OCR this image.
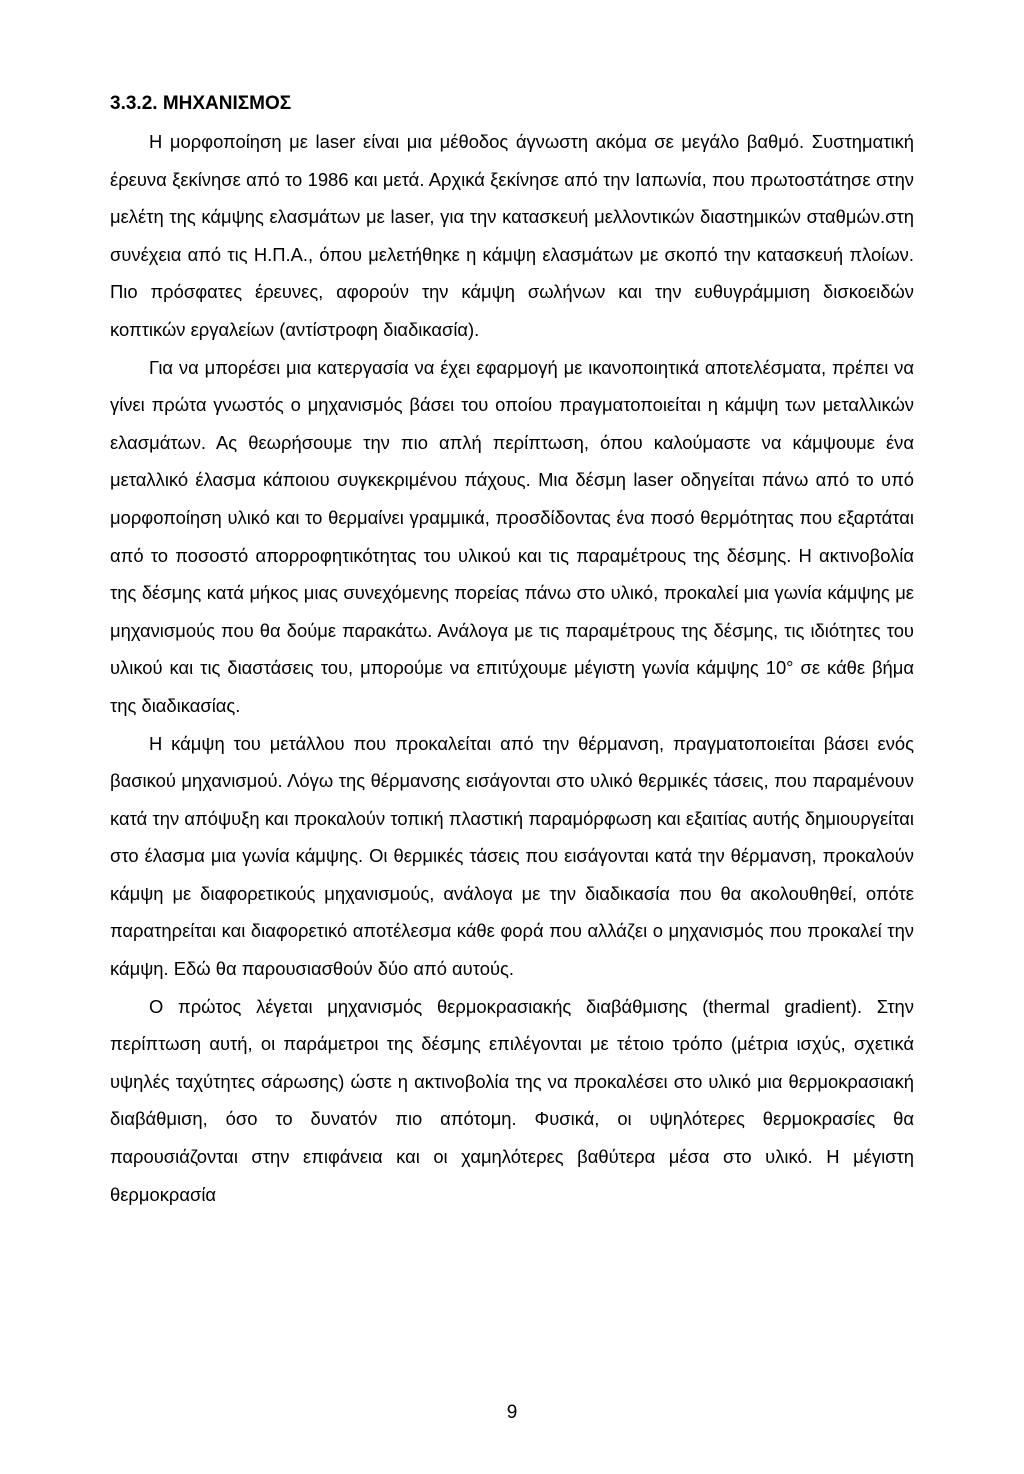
3.3.2. ΜΗΧΑΝΙΣΜΟΣ

Η μορφοποίηση με laser είναι μια μέθοδος άγνωστη ακόμα σε μεγάλο βαθμό. Συστηματική έρευνα ξεκίνησε από το 1986 και μετά. Αρχικά ξεκίνησε από την Ιαπωνία, που πρωτοστάτησε στην μελέτη της κάμψης ελασμάτων με laser, για την κατασκευή μελλοντικών διαστημικών σταθμών.στη συνέχεια από τις Η.Π.Α., όπου μελετήθηκε η κάμψη ελασμάτων με σκοπό την κατασκευή πλοίων. Πιο πρόσφατες έρευνες, αφορούν την κάμψη σωλήνων και την ευθυγράμμιση δισκοειδών κοπτικών εργαλείων (αντίστροφη διαδικασία).

Για να μπορέσει μια κατεργασία να έχει εφαρμογή με ικανοποιητικά αποτελέσματα, πρέπει να γίνει πρώτα γνωστός ο μηχανισμός βάσει του οποίου πραγματοποιείται η κάμψη των μεταλλικών ελασμάτων. Ας θεωρήσουμε την πιο απλή περίπτωση, όπου καλούμαστε να κάμψουμε ένα μεταλλικό έλασμα κάποιου συγκεκριμένου πάχους. Μια δέσμη laser οδηγείται πάνω από το υπό μορφοποίηση υλικό και το θερμαίνει γραμμικά, προσδίδοντας ένα ποσό θερμότητας που εξαρτάται από το ποσοστό απορροφητικότητας του υλικού και τις παραμέτρους της δέσμης. Η ακτινοβολία της δέσμης κατά μήκος μιας συνεχόμενης πορείας πάνω στο υλικό, προκαλεί μια γωνία κάμψης με μηχανισμούς που θα δούμε παρακάτω. Ανάλογα με τις παραμέτρους της δέσμης, τις ιδιότητες του υλικού και τις διαστάσεις του, μπορούμε να επιτύχουμε μέγιστη γωνία κάμψης 10° σε κάθε βήμα της διαδικασίας.

Η κάμψη του μετάλλου που προκαλείται από την θέρμανση, πραγματοποιείται βάσει ενός βασικού μηχανισμού. Λόγω της θέρμανσης εισάγονται στο υλικό θερμικές τάσεις, που παραμένουν κατά την απόψυξη και προκαλούν τοπική πλαστική παραμόρφωση και εξαιτίας αυτής δημιουργείται στο έλασμα μια γωνία κάμψης. Οι θερμικές τάσεις που εισάγονται κατά την θέρμανση, προκαλούν κάμψη με διαφορετικούς μηχανισμούς, ανάλογα με την διαδικασία που θα ακολουθηθεί, οπότε παρατηρείται και διαφορετικό αποτέλεσμα κάθε φορά που αλλάζει ο μηχανισμός που προκαλεί την κάμψη. Εδώ θα παρουσιασθούν δύο από αυτούς.

Ο πρώτος λέγεται μηχανισμός θερμοκρασιακής διαβάθμισης (thermal gradient). Στην περίπτωση αυτή, οι παράμετροι της δέσμης επιλέγονται με τέτοιο τρόπο (μέτρια ισχύς, σχετικά υψηλές ταχύτητες σάρωσης) ώστε η ακτινοβολία της να προκαλέσει στο υλικό μια θερμοκρασιακή διαβάθμιση, όσο το δυνατόν πιο απότομη. Φυσικά, οι υψηλότερες θερμοκρασίες θα παρουσιάζονται στην επιφάνεια και οι χαμηλότερες βαθύτερα μέσα στο υλικό. Η μέγιστη θερμοκρασία

9
